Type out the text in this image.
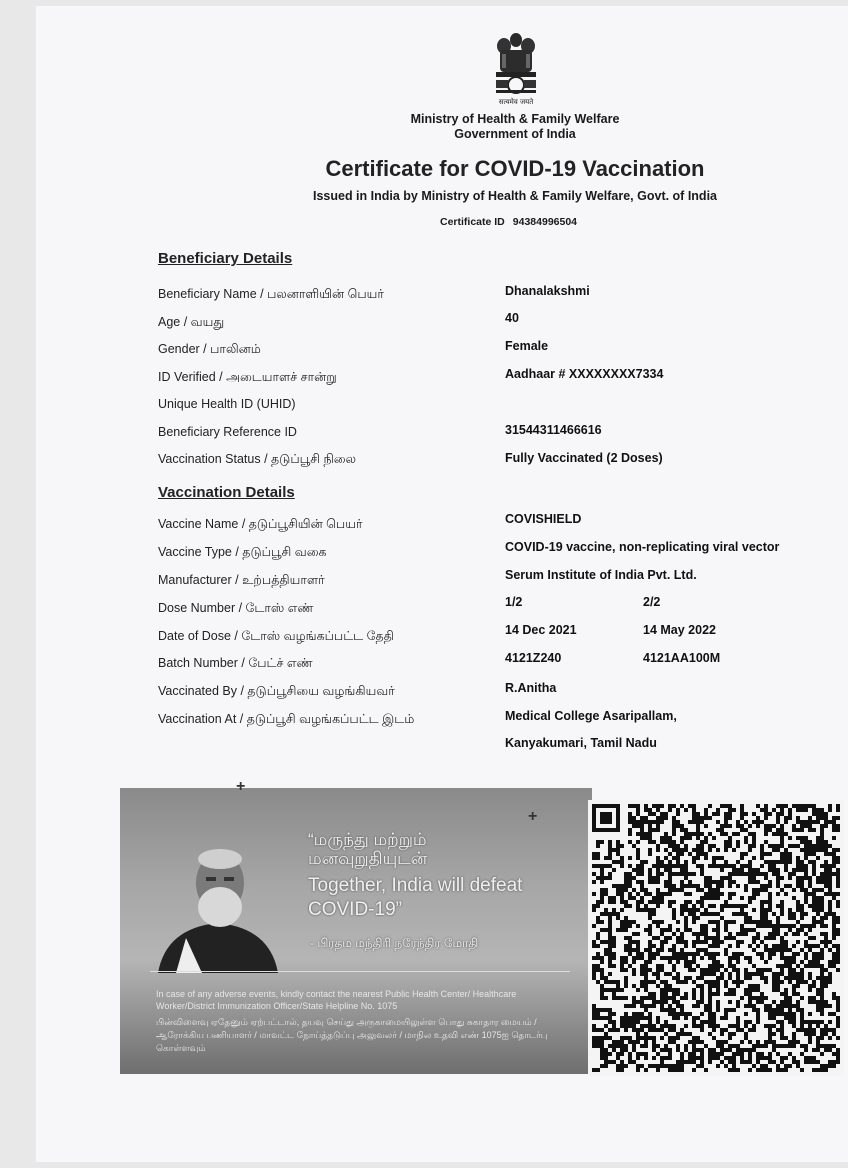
सत्यमेव जयते
Ministry of Health & Family Welfare
Government of India
Certificate for COVID-19 Vaccination
Issued in India by Ministry of Health & Family Welfare, Govt. of India
Certificate ID 94384996504
Beneficiary Details
Beneficiary Name / பலனாளியின் பெயர்	Dhanalakshmi
Age / வயது	40
Gender / பாலினம்	Female
ID Verified / அடையாளச் சான்று	Aadhaar # XXXXXXXX7334
Unique Health ID (UHID)
Beneficiary Reference ID	31544311466616
Vaccination Status / தடுப்பூசி நிலை	Fully Vaccinated (2 Doses)
Vaccination Details
Vaccine Name / தடுப்பூசியின் பெயர்	COVISHIELD
Vaccine Type / தடுப்பூசி வகை	COVID-19 vaccine, non-replicating viral vector
Manufacturer / உற்பத்தியாளர்	Serum Institute of India Pvt. Ltd.
Dose Number / டோஸ் எண்	1/2	2/2
Date of Dose / டோஸ் வழங்கப்பட்ட தேதி	14 Dec 2021	14 May 2022
Batch Number / பேட்ச் எண்	4121Z240	4121AA100M
Vaccinated By / தடுப்பூசியை வழங்கியவர்	R.Anitha
Vaccination At / தடுப்பூசி வழங்கப்பட்ட இடம்	Medical College Asaripallam,
Kanyakumari, Tamil Nadu
“மருந்து மற்றும்
மனவுறுதியுடன்
Together, India will defeat
COVID-19”
- பிரதம மந்திரி நரேந்திர மோதி
In case of any adverse events, kindly contact the nearest Public Health Center/ Healthcare Worker/District Immunization Officer/State Helpline No. 1075
பின்விளைவு ஏதேனும் ஏற்பட்டால், தயவு செய்து அருகாமையிலுள்ள பொது சுகாதார மையம் / ஆரோக்கிய பணியாளர் / மாவட்ட நோய்த்தடுப்பு அலுவலர் / மாநில உதவி எண் 1075ஐ தொடர்பு கொள்ளவும்
+
+
